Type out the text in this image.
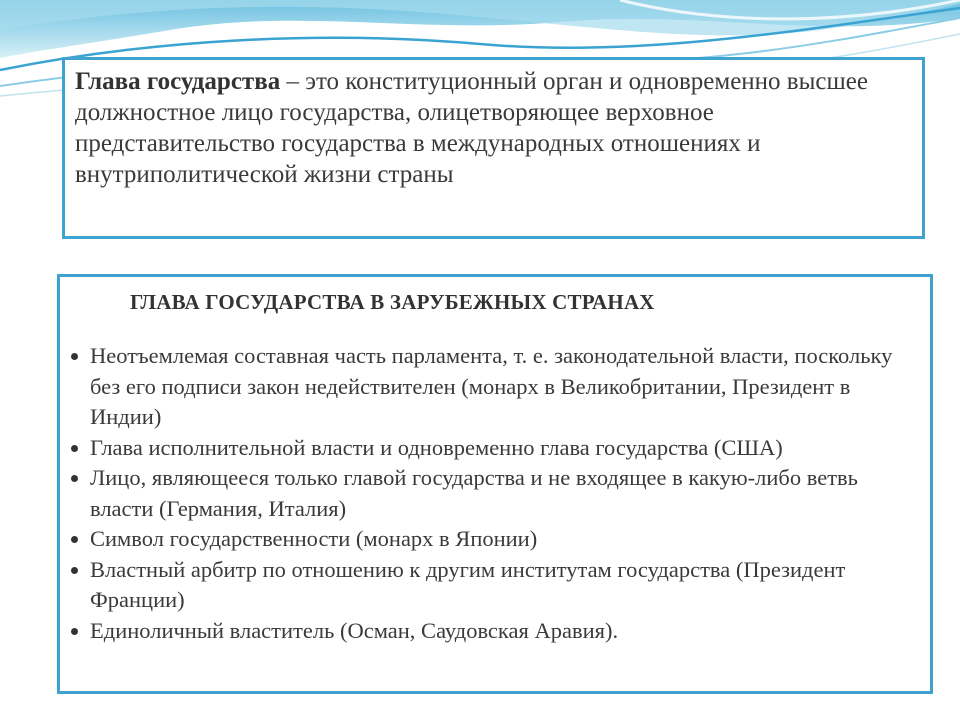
Глава государства – это конституционный орган и одновременно высшее должностное лицо государства, олицетворяющее верховное представительство государства в международных отношениях и внутриполитической жизни страны

ГЛАВА ГОСУДАРСТВА В ЗАРУБЕЖНЫХ СТРАНАХ
Неотъемлемая составная часть парламента, т. е. законодательной власти, поскольку без его подписи закон недействителен (монарх в Великобритании, Президент в Индии)
Глава исполнительной власти и одновременно глава государства (США)
Лицо, являющееся только главой государства и не входящее в какую-либо ветвь власти (Германия, Италия)
Символ государственности (монарх в Японии)
Властный арбитр по отношению к другим институтам государства (Президент Франции)
Единоличный властитель (Осман, Саудовская Аравия).
